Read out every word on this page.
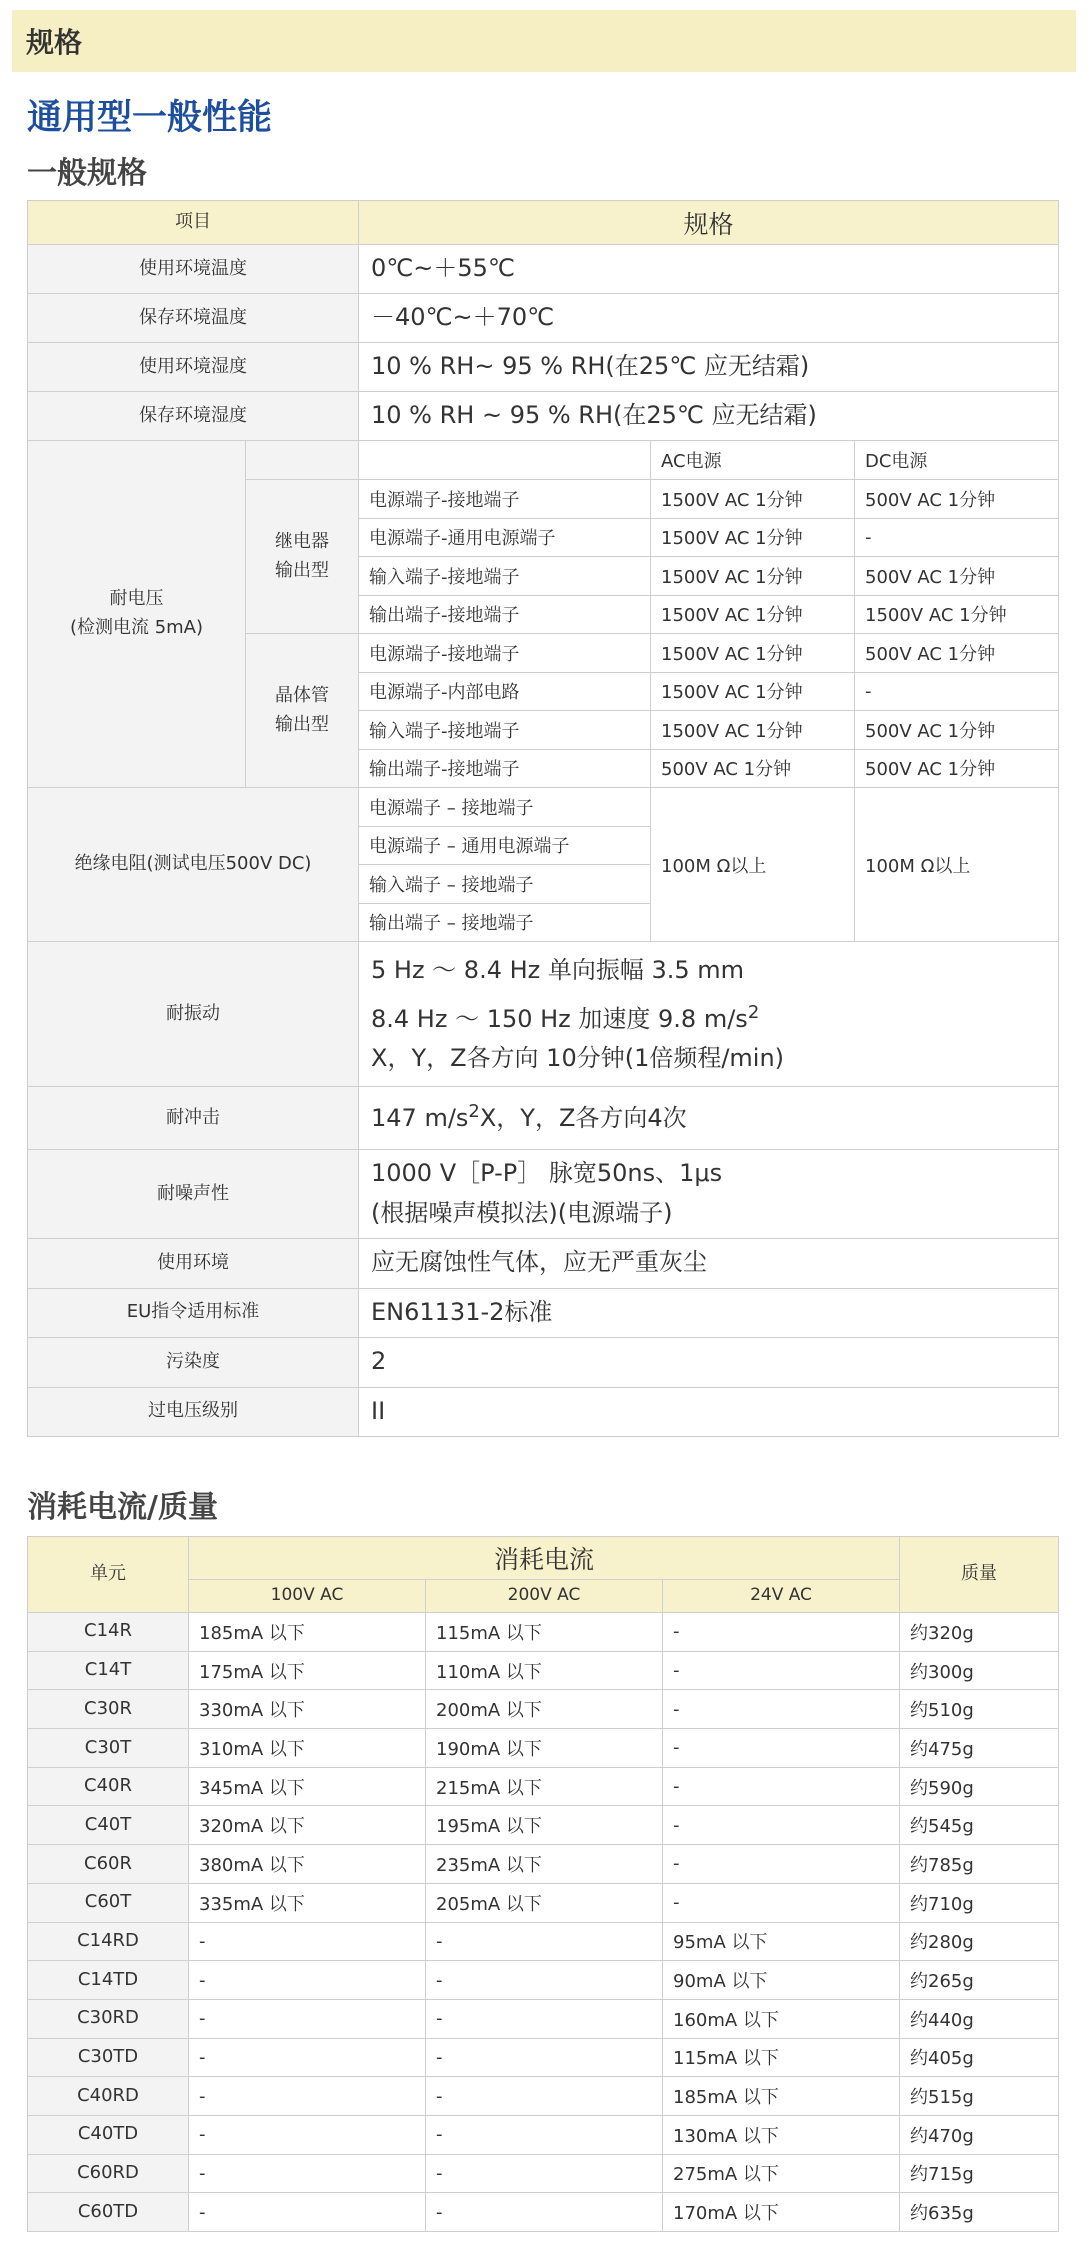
规格
通用型一般性能
一般规格
项目		规格		
使用环境温度		0℃~＋55℃		
保存环境温度		－40℃~＋70℃		
使用环境湿度		10 % RH~ 95 % RH(在25℃ 应无结霜)		
保存环境湿度		10 % RH ~ 95 % RH(在25℃ 应无结霜)		

耐电压
(检测电流 5mA)			AC电源	DC电源

	继电器
输出型	电源端子-接地端子	1500V AC 1分钟	500V AC 1分钟
		电源端子-通用电源端子	1500V AC 1分钟	-
		输入端子-接地端子	1500V AC 1分钟	500V AC 1分钟
		输出端子-接地端子	1500V AC 1分钟	1500V AC 1分钟

	晶体管
输出型	电源端子-接地端子	1500V AC 1分钟	500V AC 1分钟
		电源端子-内部电路	1500V AC 1分钟	-
		输入端子-接地端子	1500V AC 1分钟	500V AC 1分钟
		输出端子-接地端子	500V AC 1分钟	500V AC 1分钟
绝缘电阻(测试电压500V DC)		电源端子 – 接地端子	100M Ω以上	100M Ω以上
		电源端子 – 通用电源端子		
		输入端子 – 接地端子		
		输出端子 – 接地端子		
耐振动		5 Hz ～ 8.4 Hz 单向振幅 3.5 mm
8.4 Hz ～ 150 Hz 加速度 9.8 $m/s^2$
X，Y，Z各方向 10分钟(1倍频程/min)		

耐冲击		147 $m/s^2X$，Y，Z各方向4次		
耐噪声性		1000 V［P-P］ 脉宽50ns、1μs
(根据噪声模拟法)(电源端子)		

使用环境		应无腐蚀性气体，应无严重灰尘		
EU指令适用标准		EN61131-2标准		
污染度		2		
过电压级别		II		
消耗电流/质量
单元	消耗电流			质量
	100V AC	200V AC	24V AC	
C14R	185mA 以下	115mA 以下	-	约320g
C14T	175mA 以下	110mA 以下	-	约300g
C30R	330mA 以下	200mA 以下	-	约510g
C30T	310mA 以下	190mA 以下	-	约475g
C40R	345mA 以下	215mA 以下	-	约590g
C40T	320mA 以下	195mA 以下	-	约545g
C60R	380mA 以下	235mA 以下	-	约785g
C60T	335mA 以下	205mA 以下	-	约710g
C14RD	-	-	95mA 以下	约280g
C14TD	-	-	90mA 以下	约265g
C30RD	-	-	160mA 以下	约440g
C30TD	-	-	115mA 以下	约405g
C40RD	-	-	185mA 以下	约515g
C40TD	-	-	130mA 以下	约470g
C60RD	-	-	275mA 以下	约715g
C60TD	-	-	170mA 以下	约635g
